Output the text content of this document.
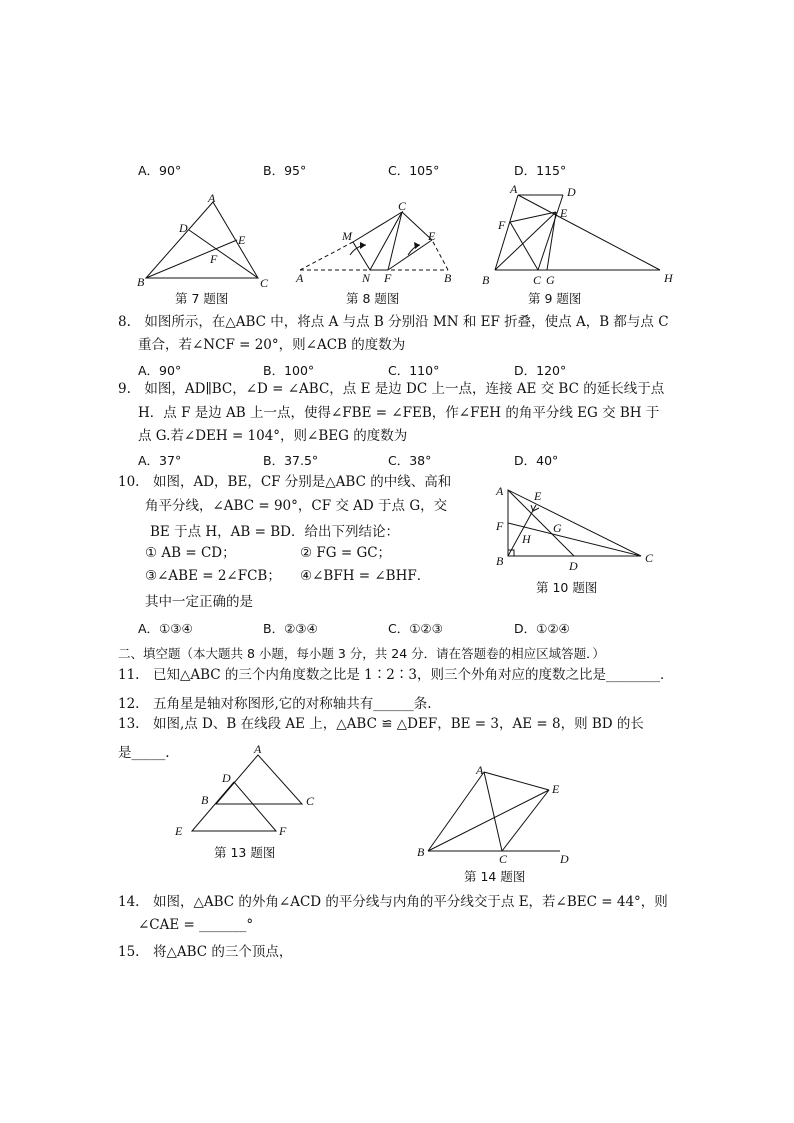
A．90°	B．95°	C．105°	D．115°
A
B	C
D
E
F
第 7 题图
A	B
C
M
N F
E
第 8 题图
A	D
E
F
B	C G	H
第 9 题图
8.　如图所示，在△ABC 中，将点 A 与点 B 分别沿 MN 和 EF 折叠，使点 A，B 都与点 C
重合，若∠NCF = 20°，则∠ACB 的度数为
A．90°	B．100°	C．110°	D．120°
9.　如图，AD∥BC，∠D = ∠ABC，点 E 是边 DC 上一点，连接 AE 交 BC 的延长线于点
H．点 F 是边 AB 上一点，使得∠FBE = ∠FEB，作∠FEH 的角平分线 EG 交 BH 于
点 G.若∠DEH = 104°，则∠BEG 的度数为
A．37°	B．37.5°	C．38°	D．40°
10.　如图，AD，BE，CF 分别是△ABC 的中线、高和
角平分线，∠ABC = 90°，CF 交 AD 于点 G，交
BE 于点 H，AB = BD．给出下列结论：
① AB = CD；	② FG = GC；
③∠ABE = 2∠FCB； ④∠BFH = ∠BHF．
其中一定正确的是
A．①③④	B．②③④	C．①②③	D．①②④
A	E
F	G
H
B	D
C
第 10 题图
二、填空题（本大题共 8 小题，每小题 3 分，共 24 分．请在答题卷的相应区域答题．）
11.　已知△ABC 的三个内角度数之比是 1∶2∶3，则三个外角对应的度数之比是________．
12.　五角星是轴对称图形,它的对称轴共有______条.
13.　如图,点 D、B 在线段 AE 上，△ABC ≌ △DEF，BE = 3，AE = 8，则 BD 的长
是_____.	A
D
B	C
E	F
第 13 题图
A
E
B	C	D
第 14 题图
14.　如图，△ABC 的外角∠ACD 的平分线与内角的平分线交于点 E，若∠BEC = 44°，则
∠CAE = _______°
15.　将△ABC 的三个顶点，
